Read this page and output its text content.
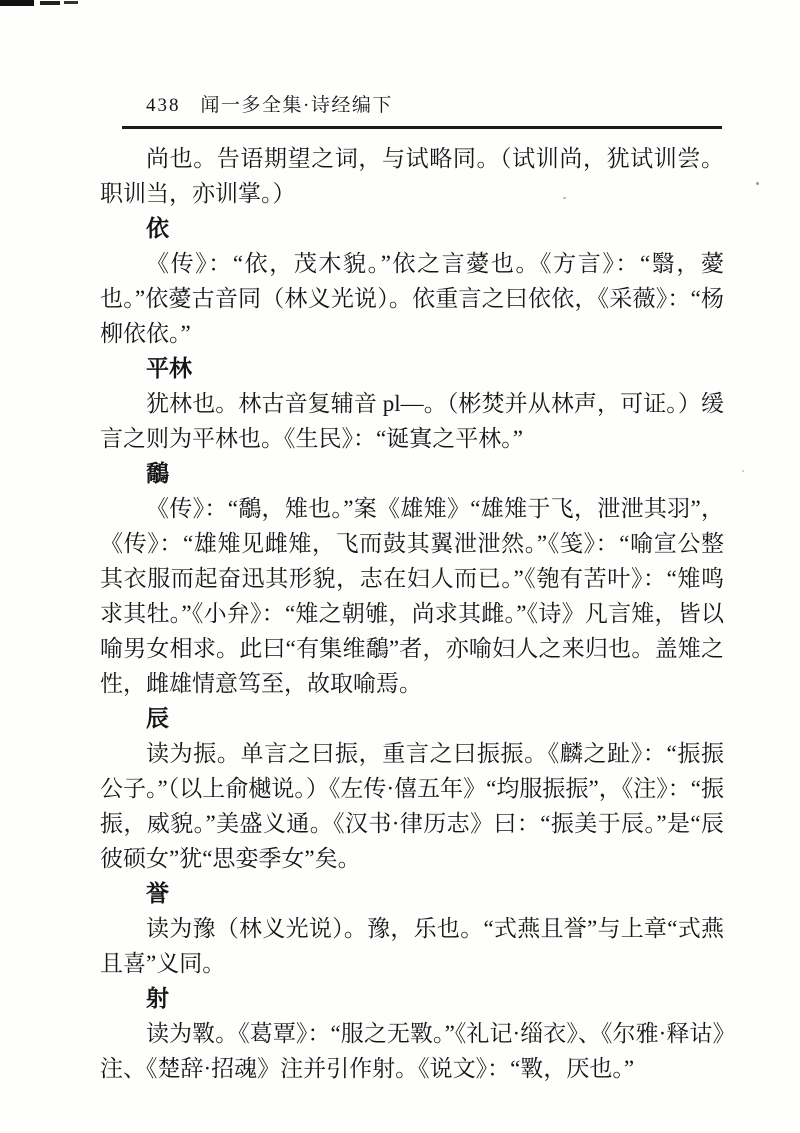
438 闻一多全集·诗经编下

尚也。告语期望之词，与试略同。（试训尚，犹试训尝。职训当，亦训掌。）

依

《传》：“依，茂木貌。”依之言薆也。《方言》：“翳，薆也。”依薆古音同（林义光说）。依重言之曰依依，《采薇》：“杨柳依依。”

平林

犹林也。林古音复辅音 pl—。（彬焚并从林声，可证。）缓言之则为平林也。《生民》：“诞寘之平林。”

鷮

《传》：“鷮，雉也。”案《雄雉》“雄雉于飞，泄泄其羽”，《传》：“雄雉见雌雉，飞而鼓其翼泄泄然。”《笺》：“喻宣公整其衣服而起奋迅其形貌，志在妇人而已。”《匏有苦叶》：“雉鸣求其牡。”《小弁》：“雉之朝雊，尚求其雌。”《诗》凡言雉，皆以喻男女相求。此曰“有集维鷮”者，亦喻妇人之来归也。盖雉之性，雌雄情意笃至，故取喻焉。

辰

读为振。单言之曰振，重言之曰振振。《麟之趾》：“振振公子。”（以上俞樾说。）《左传·僖五年》“均服振振”，《注》：“振振，威貌。”美盛义通。《汉书·律历志》曰：“振美于辰。”是“辰彼硕女”犹“思娈季女”矣。

誉

读为豫（林义光说）。豫，乐也。“式燕且誉”与上章“式燕且喜”义同。

射

读为斁。《葛覃》：“服之无斁。”《礼记·缁衣》、《尔雅·释诂》注、《楚辞·招魂》注并引作射。《说文》：“斁，厌也。”
